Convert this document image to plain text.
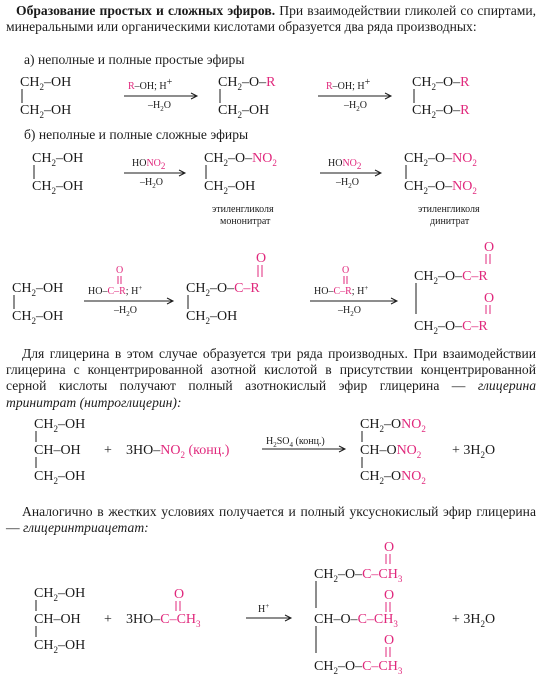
Образование простых и сложных эфиров. При взаимодействии гликолей со спиртами, минеральными или органическими кислотами образуется два ряда производных:
а) неполные и полные простые эфиры
$CH_2-OH$
$CH_2-OH$
R–OH; H+
$-H_2O$
$CH_2-O-R$
$CH_2-OH$
R–OH; H+
$-H_2O$
$CH_2-O-R$
$CH_2-O-R$
б) неполные и полные сложные эфиры
$CH_2-OH$
$CH_2-OH$
HONO2
$-H_2O$
$CH_2-O-NO_2$
$CH_2-OH$
этиленгликоля
мононитрат
HONO2
$-H_2O$
$CH_2-O-NO_2$
$CH_2-O-NO_2$
этиленгликоля
динитрат
$CH_2-OH$
$CH_2-OH$
O
HO–C–R; H+
$-H_2O$
O
$CH_2-O-C-R$
$CH_2-OH$
O
HO–C–R; H+
$-H_2O$
O
$CH_2-O-C-R$
O
$CH_2-O-C-R$
Для глицерина в этом случае образуется три ряда производных. При взаимодействии глицерина с концентрированной азотной кислотой в присутствии концентрированной серной кислоты получают полный азотнокислый эфир глицерина — глицерина тринитрат (нитроглицерин):
$CH_2-OH$
CH–OH
$CH_2-OH$
+ $3HO-NO_2$ (конц.)
$H_2SO_4$ (конц.)
$CH_2-ONO_2$
$CH-ONO_2$
$CH_2-ONO_2$
+ $3H_2O$
Аналогично в жестких условиях получается и полный уксуснокислый эфир глицерина — глицеринтриацетат:
$CH_2-OH$
CH–OH
$CH_2-OH$
+
O
$3HO-C-CH_3$
H+
O
$CH_2-O-C-CH_3$
O
$CH-O-C-CH_3$
O
$CH_2-O-C-CH_3$
+ $3H_2O$
